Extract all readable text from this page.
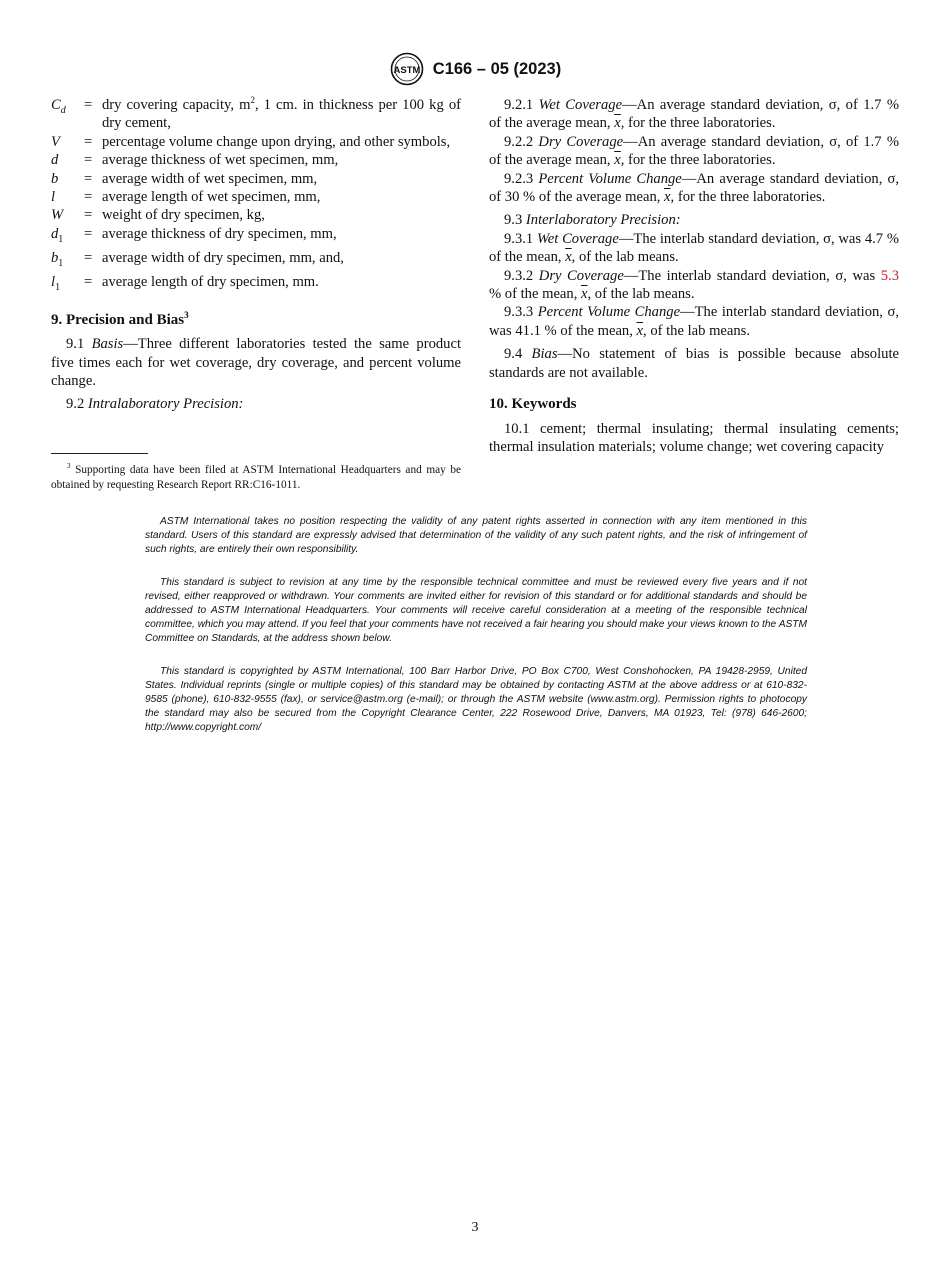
ASTM C166 – 05 (2023)
$C_d$	= dry covering capacity, $m^2$, 1 cm. in thickness per 100 kg of dry cement,
V	= percentage volume change upon drying, and other symbols,
d	= average thickness of wet specimen, mm,
b	= average width of wet specimen, mm,
l	= average length of wet specimen, mm,
W	= weight of dry specimen, kg,
$d_1$	= average thickness of dry specimen, mm,
$b_1$	= average width of dry specimen, mm, and,
$l_1$	= average length of dry specimen, mm.
9. Precision and Bias$^3$

9.1 Basis—Three different laboratories tested the same product five times each for wet coverage, dry coverage, and percent volume change.

9.2 Intralaboratory Precision:

$^3$ Supporting data have been filed at ASTM International Headquarters and may be obtained by requesting Research Report RR:C16-1011.

9.2.1 Wet Coverage—An average standard deviation, σ, of 1.7 % of the average mean, $\overline{x}$, for the three laboratories.

9.2.2 Dry Coverage—An average standard deviation, σ, of 1.7 % of the average mean, $\overline{x}$, for the three laboratories.

9.2.3 Percent Volume Change—An average standard deviation, σ, of 30 % of the average mean, $\overline{x}$, for the three laboratories.

9.3 Interlaboratory Precision:

9.3.1 Wet Coverage—The interlab standard deviation, σ, was 4.7 % of the mean, $\overline{x}$, of the lab means.

9.3.2 Dry Coverage—The interlab standard deviation, σ, was 5.3 % of the mean, $\overline{x}$, of the lab means.

9.3.3 Percent Volume Change—The interlab standard deviation, σ, was 41.1 % of the mean, $\overline{x}$, of the lab means.

9.4 Bias—No statement of bias is possible because absolute standards are not available.

10. Keywords

10.1 cement; thermal insulating; thermal insulating cements; thermal insulation materials; volume change; wet covering capacity

ASTM International takes no position respecting the validity of any patent rights asserted in connection with any item mentioned in this standard. Users of this standard are expressly advised that determination of the validity of any such patent rights, and the risk of infringement of such rights, are entirely their own responsibility.
This standard is subject to revision at any time by the responsible technical committee and must be reviewed every five years and if not revised, either reapproved or withdrawn. Your comments are invited either for revision of this standard or for additional standards and should be addressed to ASTM International Headquarters. Your comments will receive careful consideration at a meeting of the responsible technical committee, which you may attend. If you feel that your comments have not received a fair hearing you should make your views known to the ASTM Committee on Standards, at the address shown below.
This standard is copyrighted by ASTM International, 100 Barr Harbor Drive, PO Box C700, West Conshohocken, PA 19428-2959, United States. Individual reprints (single or multiple copies) of this standard may be obtained by contacting ASTM at the above address or at 610-832-9585 (phone), 610-832-9555 (fax), or service@astm.org (e-mail); or through the ASTM website (www.astm.org). Permission rights to photocopy the standard may also be secured from the Copyright Clearance Center, 222 Rosewood Drive, Danvers, MA 01923, Tel: (978) 646-2600; http://www.copyright.com/
3
